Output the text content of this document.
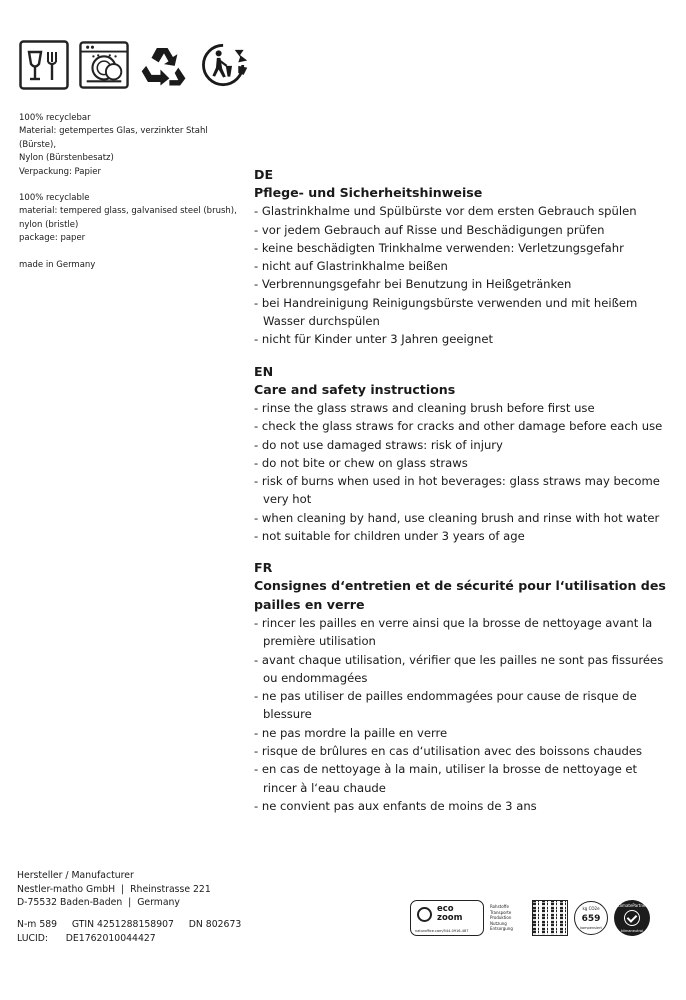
100% recyclebar

Material: getempertes Glas, verzinkter Stahl (Bürste),

Nylon (Bürstenbesatz)

Verpackung: Papier

100% recyclable

material: tempered glass, galvanised steel (brush),

nylon (bristle)

package: paper

made in Germany

DE
Pflege- und Sicherheitshinweise
- Glastrinkhalme und Spülbürste vor dem ersten Gebrauch spülen
- vor jedem Gebrauch auf Risse und Beschädigungen prüfen
- keine beschädigten Trinkhalme verwenden: Verletzungsgefahr
- nicht auf Glastrinkhalme beißen
- Verbrennungsgefahr bei Benutzung in Heißgetränken
- bei Handreinigung Reinigungsbürste verwenden und mit heißem Wasser durchspülen
- nicht für Kinder unter 3 Jahren geeignet
EN
Care and safety instructions
- rinse the glass straws and cleaning brush before first use
- check the glass straws for cracks and other damage before each use
- do not use damaged straws: risk of injury
- do not bite or chew on glass straws
- risk of burns when used in hot beverages: glass straws may become very hot
- when cleaning by hand, use cleaning brush and rinse with hot water
- not suitable for children under 3 years of age
FR
Consignes d‘entretien et de sécurité pour l‘utilisation des pailles en verre
- rincer les pailles en verre ainsi que la brosse de nettoyage avant la première utilisation
- avant chaque utilisation, vérifier que les pailles ne sont pas fissurées ou endommagées
- ne pas utiliser de pailles endommagées pour cause de risque de blessure
- ne pas mordre la paille en verre
- risque de brûlures en cas d‘utilisation avec des boissons chaudes
- en cas de nettoyage à la main, utiliser la brosse de nettoyage et rincer à l‘eau chaude
- ne convient pas aux enfants de moins de 3 ans

Hersteller / Manufacturer

Nestler-matho GmbH  |  Rheinstrasse 221

D-75532 Baden-Baden  |  Germany

N-m 589     GTIN 4251288158907     DN 802673

LUCID:      DE1762010044427

eco
zoom
naturoffice.com/544-0916-487
Rohstoffe
Transporte
Produktion
Nutzung
Entsorgung
kg CO2e
659
kompensiert
ClimatePartner
klimaneutral
